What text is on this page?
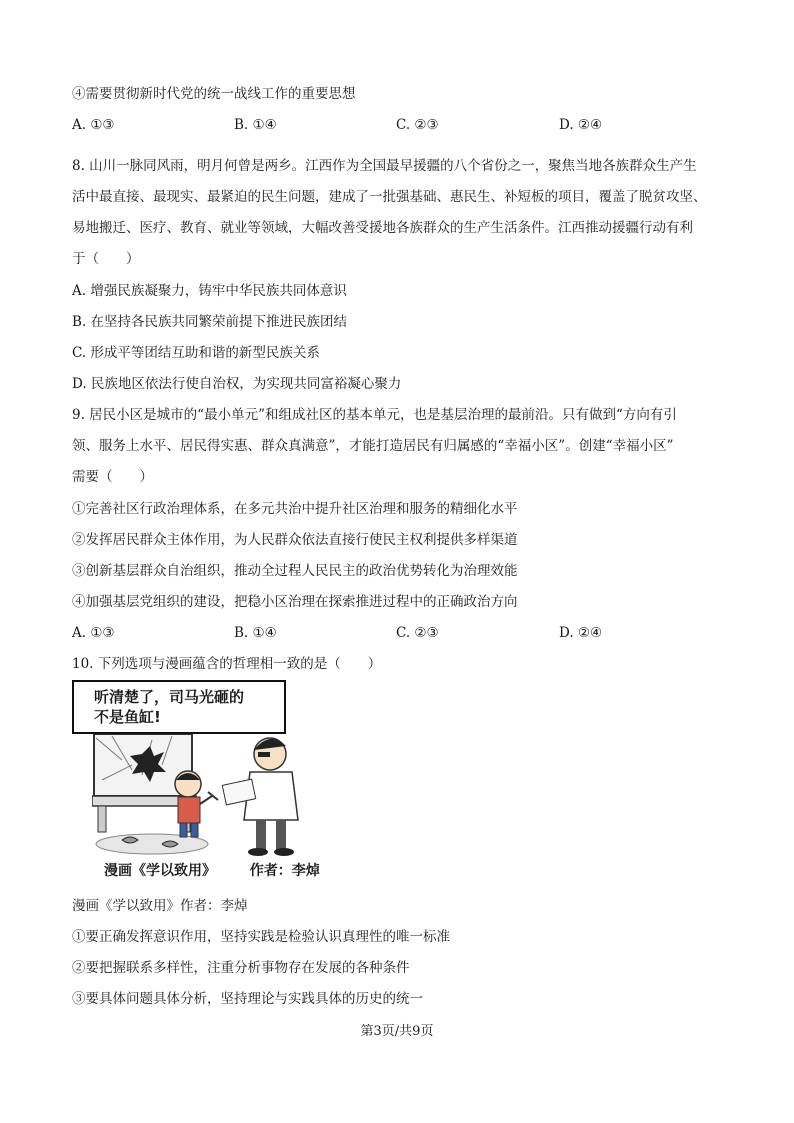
④需要贯彻新时代党的统一战线工作的重要思想
A. ①③	B. ①④	C. ②③	D. ②④
8. 山川一脉同风雨，明月何曾是两乡。江西作为全国最早援疆的八个省份之一，聚焦当地各族群众生产生
活中最直接、最现实、最紧迫的民生问题，建成了一批强基础、惠民生、补短板的项目，覆盖了脱贫攻坚、
易地搬迁、医疗、教育、就业等领域，大幅改善受援地各族群众的生产生活条件。江西推动援疆行动有利
于（　　）
A. 增强民族凝聚力，铸牢中华民族共同体意识
B. 在坚持各民族共同繁荣前提下推进民族团结
C. 形成平等团结互助和谐的新型民族关系
D. 民族地区依法行使自治权，为实现共同富裕凝心聚力
9. 居民小区是城市的“最小单元”和组成社区的基本单元，也是基层治理的最前沿。只有做到“方向有引
领、服务上水平、居民得实惠、群众真满意”，才能打造居民有归属感的“幸福小区”。创建“幸福小区”
需要（　　）
①完善社区行政治理体系，在多元共治中提升社区治理和服务的精细化水平
②发挥居民群众主体作用，为人民群众依法直接行使民主权利提供多样渠道
③创新基层群众自治组织，推动全过程人民民主的政治优势转化为治理效能
④加强基层党组织的建设，把稳小区治理在探索推进过程中的正确政治方向
A. ①③	B. ①④	C. ②③	D. ②④
10. 下列选项与漫画蕴含的哲理相一致的是（　　）
听清楚了，司马光砸的
不是鱼缸!
漫画《学以致用》 作者：李焯
漫画《学以致用》作者：李焯
①要正确发挥意识作用，坚持实践是检验认识真理性的唯一标准
②要把握联系多样性，注重分析事物存在发展的各种条件
③要具体问题具体分析，坚持理论与实践具体的历史的统一
第3页/共9页
